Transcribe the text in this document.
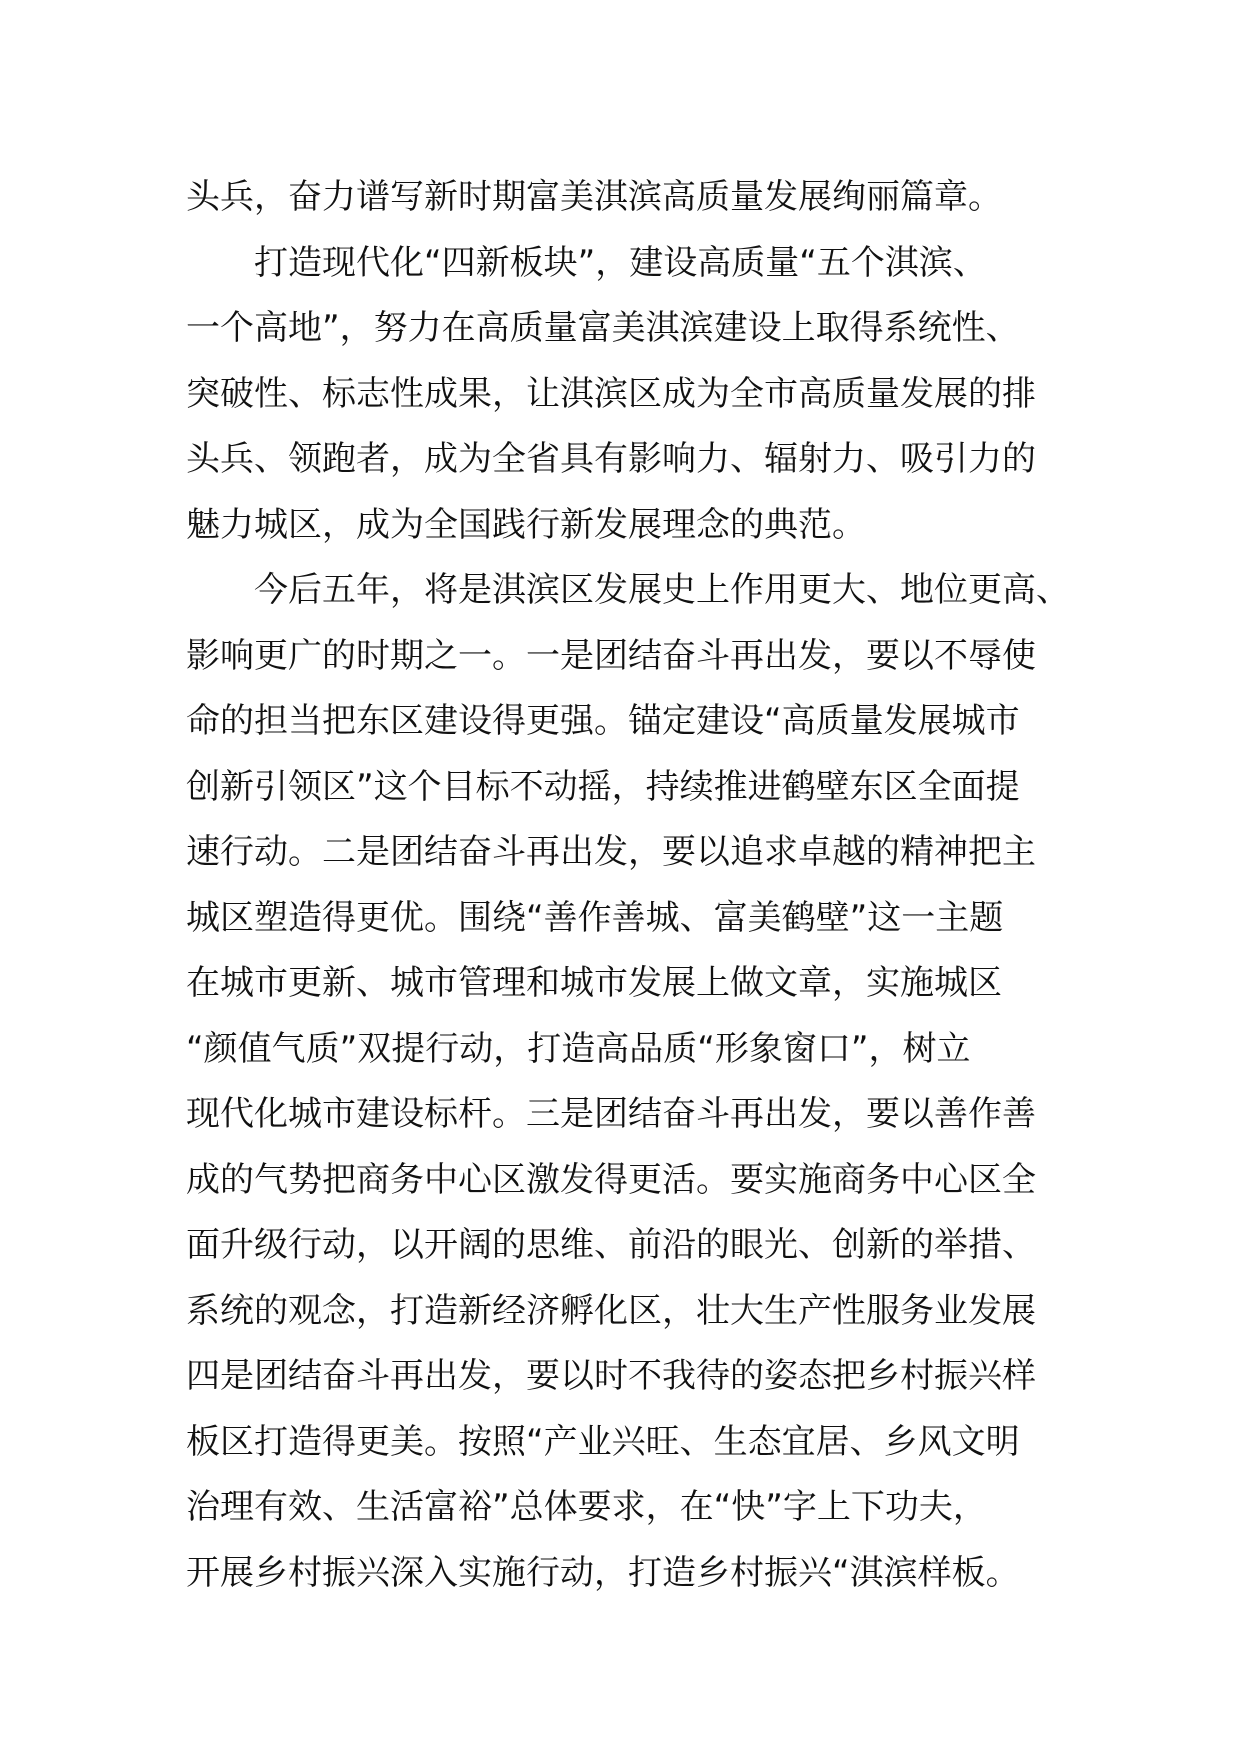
头兵，奋力谱写新时期富美淇滨高质量发展绚丽篇章。
　　打造现代化“四新板块”，建设高质量“五个淇滨、
一个高地”，努力在高质量富美淇滨建设上取得系统性、
突破性、标志性成果，让淇滨区成为全市高质量发展的排
头兵、领跑者，成为全省具有影响力、辐射力、吸引力的
魅力城区，成为全国践行新发展理念的典范。
　　今后五年，将是淇滨区发展史上作用更大、地位更高、
影响更广的时期之一。一是团结奋斗再出发，要以不辱使
命的担当把东区建设得更强。锚定建设“高质量发展城市
创新引领区”这个目标不动摇，持续推进鹤壁东区全面提
速行动。二是团结奋斗再出发，要以追求卓越的精神把主
城区塑造得更优。围绕“善作善城、富美鹤壁”这一主题
在城市更新、城市管理和城市发展上做文章，实施城区
“颜值气质”双提行动，打造高品质“形象窗口”，树立
现代化城市建设标杆。三是团结奋斗再出发，要以善作善
成的气势把商务中心区激发得更活。要实施商务中心区全
面升级行动，以开阔的思维、前沿的眼光、创新的举措、
系统的观念，打造新经济孵化区，壮大生产性服务业发展
四是团结奋斗再出发，要以时不我待的姿态把乡村振兴样
板区打造得更美。按照“产业兴旺、生态宜居、乡风文明
治理有效、生活富裕”总体要求，在“快”字上下功夫，
开展乡村振兴深入实施行动，打造乡村振兴“淇滨样板。
